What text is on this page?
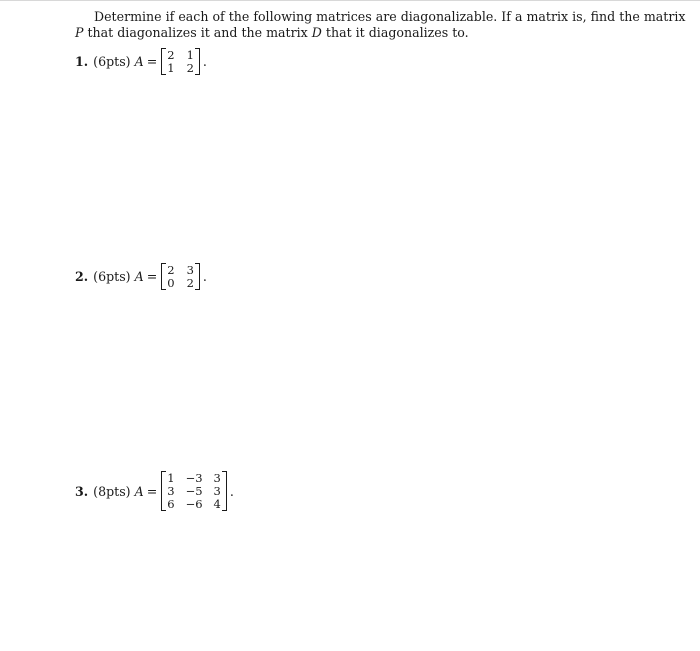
Determine if each of the following matrices are diagonalizable. If a matrix is, find the matrix
P that diagonalizes it and the matrix D that it diagonalizes to.
1. (6pts) A = 2 1
1 2 .
2. (6pts) A = 2 3
0 2 .
3. (8pts) A =
1 −3 3
3 −5 3
6 −6 4
.
